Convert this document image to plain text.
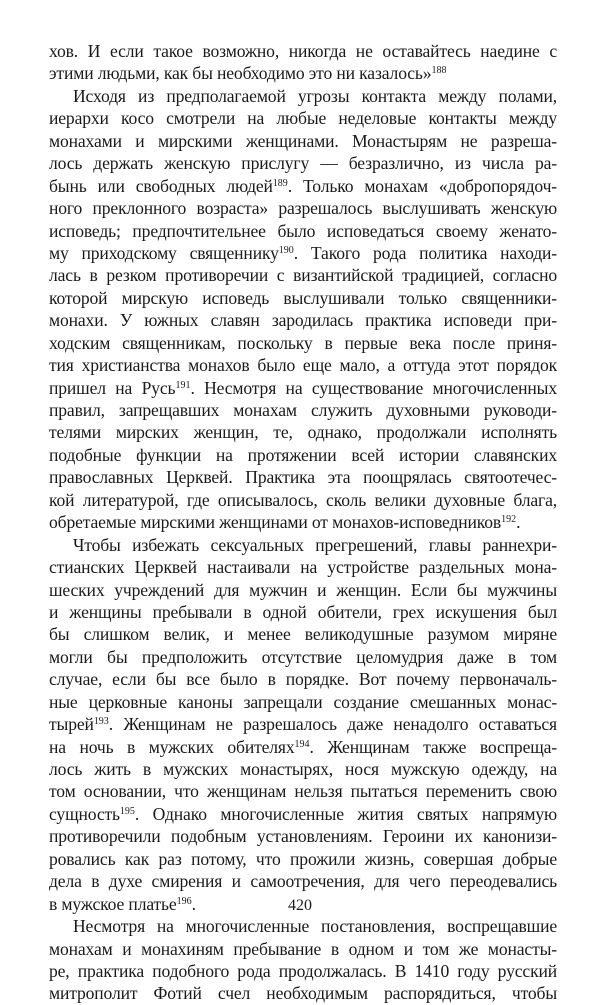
хов. И если такое возможно, никогда не оставайтесь наедине с
этими людьми, как бы необходимо это ни казалось»$^{188}$
Исходя из предполагаемой угрозы контакта между полами,
иерархи косо смотрели на любые неделовые контакты между
монахами и мирскими женщинами. Монастырям не разреша-
лось держать женскую прислугу — безразлично, из числа ра-
бынь или свободных людей$^{189}$. Только монахам «добропорядоч-
ного преклонного возраста» разрешалось выслушивать женскую
исповедь; предпочтительнее было исповедаться своему женато-
му приходскому священнику$^{190}$. Такого рода политика находи-
лась в резком противоречии с византийской традицией, согласно
которой мирскую исповедь выслушивали только священники-
монахи. У южных славян зародилась практика исповеди при-
ходским священникам, поскольку в первые века после приня-
тия христианства монахов было еще мало, а оттуда этот порядок
пришел на Русь$^{191}$. Несмотря на существование многочисленных
правил, запрещавших монахам служить духовными руководи-
телями мирских женщин, те, однако, продолжали исполнять
подобные функции на протяжении всей истории славянских
православных Церквей. Практика эта поощрялась святоотечес-
кой литературой, где описывалось, сколь велики духовные блага,
обретаемые мирскими женщинами от монахов-исповедников$^{192}$.
Чтобы избежать сексуальных прегрешений, главы раннехри-
стианских Церквей настаивали на устройстве раздельных мона-
шеских учреждений для мужчин и женщин. Если бы мужчины
и женщины пребывали в одной обители, грех искушения был
бы слишком велик, и менее великодушные разумом миряне
могли бы предположить отсутствие целомудрия даже в том
случае, если бы все было в порядке. Вот почему первоначаль-
ные церковные каноны запрещали создание смешанных монас-
тырей$^{193}$. Женщинам не разрешалось даже ненадолго оставаться
на ночь в мужских обителях$^{194}$. Женщинам также воспреща-
лось жить в мужских монастырях, нося мужскую одежду, на
том основании, что женщинам нельзя пытаться переменить свою
сущность$^{195}$. Однако многочисленные жития святых напрямую
противоречили подобным установлениям. Героини их канонизи-
ровались как раз потому, что прожили жизнь, совершая добрые
дела в духе смирения и самоотречения, для чего переодевались
в мужское платье$^{196}$.
Несмотря на многочисленные постановления, воспрещавшие
монахам и монахиням пребывание в одном и том же монасты-
ре, практика подобного рода продолжалась. В 1410 году русский
митрополит Фотий счел необходимым распорядиться, чтобы
420
